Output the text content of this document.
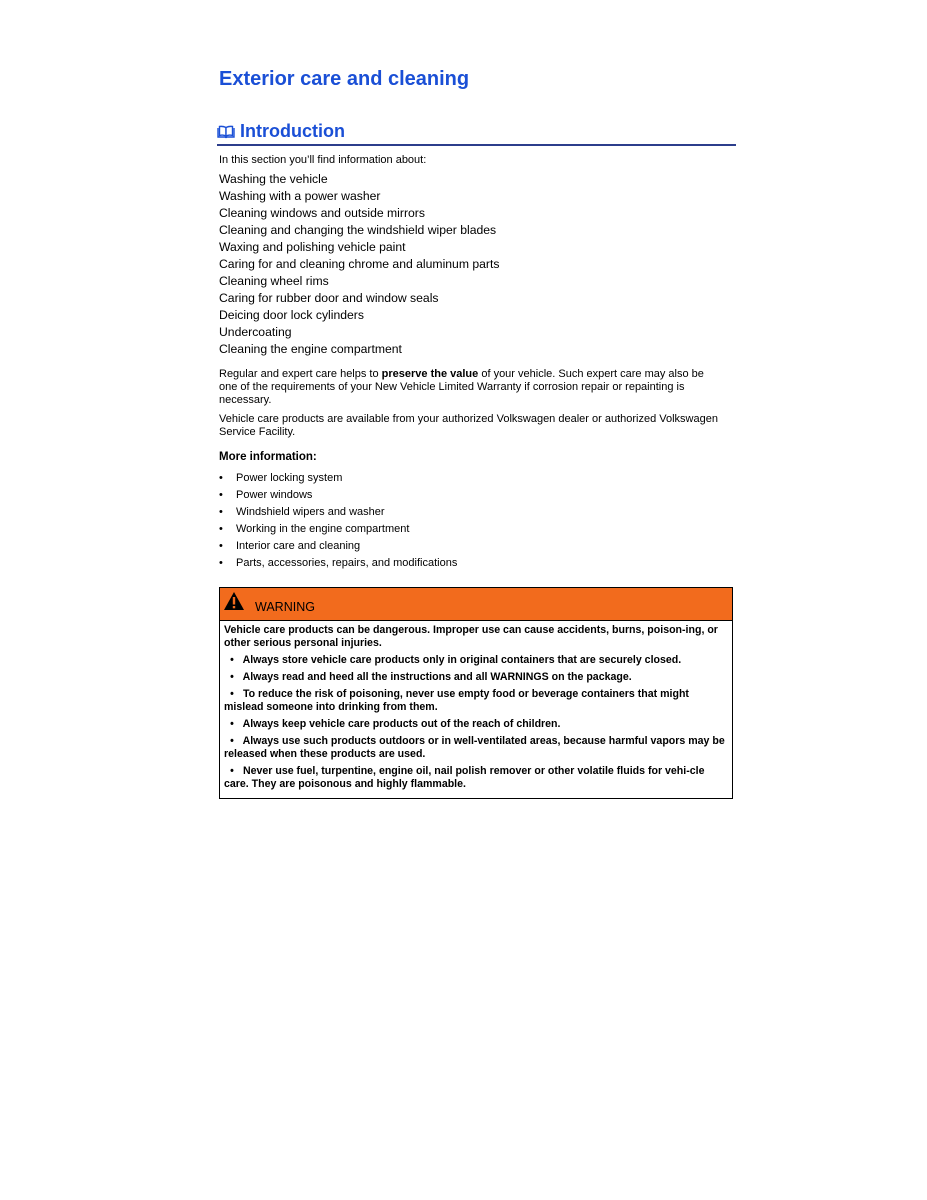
Exterior care and cleaning
Introduction

In this section you’ll find information about:

Washing the vehicle
Washing with a power washer
Cleaning windows and outside mirrors
Cleaning and changing the windshield wiper blades
Waxing and polishing vehicle paint
Caring for and cleaning chrome and aluminum parts
Cleaning wheel rims
Caring for rubber door and window seals
Deicing door lock cylinders
Undercoating
Cleaning the engine compartment

Regular and expert care helps to preserve the value of your vehicle. Such expert care may also be one of the requirements of your New Vehicle Limited Warranty if corrosion repair or repainting is necessary.

Vehicle care products are available from your authorized Volkswagen dealer or authorized Volkswagen Service Facility.

More information:
•	Power locking system
•	Power windows
•	Windshield wipers and washer
•	Working in the engine compartment
•	Interior care and cleaning
•	Parts, accessories, repairs, and modifications
WARNING

Vehicle care products can be dangerous. Improper use can cause accidents, burns, poison-ing, or other serious personal injuries.

• Always store vehicle care products only in original containers that are securely closed.

• Always read and heed all the instructions and all WARNINGS on the package.

• To reduce the risk of poisoning, never use empty food or beverage containers that might mislead someone into drinking from them.

• Always keep vehicle care products out of the reach of children.

• Always use such products outdoors or in well-ventilated areas, because harmful vapors may be released when these products are used.

• Never use fuel, turpentine, engine oil, nail polish remover or other volatile fluids for vehi-cle care. They are poisonous and highly flammable.
